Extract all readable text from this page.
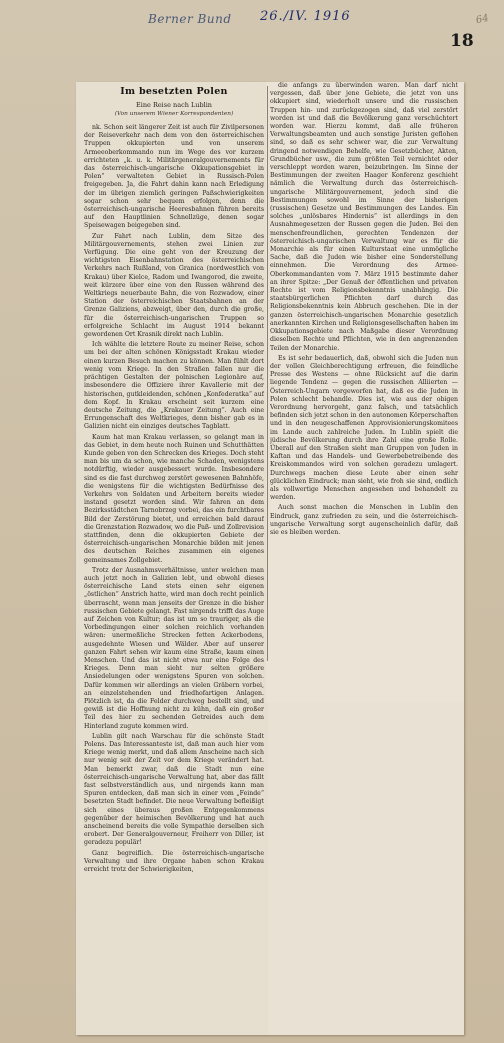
Berner Bund 26./IV. 1916	64
18
Im besetzten Polen
Eine Reise nach Lublin
(Von unserem Wiener Korrespondenten)

nk. Schon seit längerer Zeit ist auch für Zivilpersonen der Reiseverkehr nach dem von den österreichischen Truppen okkupierten und von unserem Armeeoberkommando nun im Wege des vor kurzem errichteten „k. u. k. Militärgeneralgouvernements für das österreichisch-ungarische Okkupationsgebiet in Polen“ verwalteten Gebiet in Russisch-Polen freigegeben. Ja, die Fahrt dahin kann nach Erledigung der im übrigen ziemlich geringen Paßschwierigkeiten sogar schon sehr bequem erfolgen, denn die österreichisch-ungarische Heeresbahnen führen bereits auf den Hauptlinien Schnellzüge, denen sogar Speisewagen beigegeben sind.

Zur Fahrt nach Lublin, dem Sitze des Militärgouvernements, stehen zwei Linien zur Verfügung. Die eine geht von der Kreuzung der wichtigsten Eisenbahnstation des österreichischen Verkehrs nach Rußland, von Granica (nordwestlich von Krakau) über Kielce, Radom und Iwangorod, die zweite, weit kürzere über eine von den Russen während des Weltkriegs neuerbaute Bahn, die von Rozwadow, einer Station der österreichischen Staatsbahnen an der Grenze Galiziens, abzweigt, über den, durch die große, für die österreichisch-ungarischen Truppen so erfolgreiche Schlacht im August 1914 bekannt gewordenen Ort Krasnik direkt nach Lublin.

Ich wählte die letztere Route zu meiner Reise, schon um bei der alten schönen Königsstadt Krakau wieder einen kurzen Besuch machen zu können. Man fühlt dort wenig vom Kriege. In den Straßen fallen nur die prächtigen Gestalten der polnischen Legionäre auf, insbesondere die Offiziere ihrer Kavallerie mit der historischen, gutkleidenden, schönen „Konfederatka“ auf dem Kopf. In Krakau erscheint seit kurzem eine deutsche Zeitung, die „Krakauer Zeitung“. Auch eine Errungenschaft des Weltkrieges, denn bisher gab es in Galizien nicht ein einziges deutsches Tagblatt.

Kaum hat man Krakau verlassen, so gelangt man in das Gebiet, in dem heute noch Ruinen und Schutthätten Kunde geben von den Schrecken des Krieges. Doch steht man bis um da schon, wie manche Schaden, wenigstens notdürftig, wieder ausgebessert wurde. Insbesondere sind es die fast durchweg zerstört gewesenen Bahnhöfe, die wenigstens für die wichtigsten Bedürfnisse des Verkehrs von Soldaten und Arbeitern bereits wieder instand gesetzt worden sind. Wir fahren an dem Bezirksstädtchen Tarnobrzeg vorbei, das ein furchtbares Bild der Zerstörung bietet, und erreichen bald darauf die Grenzstation Rozwadow, wo die Paß- und Zollrevision stattfinden, denn die okkupierten Gebiete der österreichisch-ungarischen Monarchie bilden mit jenen des deutschen Reiches zusammen ein eigenes gemeinsames Zollgebiet.

Trotz der Ausnahmsverhältnisse, unter welchen man auch jetzt noch in Galizien lebt, und obwohl dieses österreichische Land stets einen sehr eigenen „östlichen“ Anstrich hatte, wird man doch recht peinlich überrascht, wenn man jenseits der Grenze in die bisher russischen Gebiete gelangt. Fast nirgends trifft das Auge auf Zeichen von Kultur; das ist um so trauriger, als die Vorbedingungen einer solchen reichlich vorhanden wären: unermeßliche Strecken fetten Ackerbodens, ausgedehnte Wiesen und Wälder. Aber auf unserer ganzen Fahrt sehen wir kaum eine Straße, kaum einen Menschen. Und das ist nicht etwa nur eine Folge des Krieges. Denn man sieht nur selten größere Ansiedelungen oder wenigstens Spuren von solchen. Dafür kommen wir allerdings an vielen Gräbern vorbei, an einzelstehenden und friedhofartigen Anlagen. Plötzlich ist, da die Felder durchweg bestellt sind, und gewiß ist die Hoffnung nicht zu kühn, daß ein großer Teil des hier zu sechenden Getreides auch dem Hinterland zugute kommen wird.

Lublin gilt nach Warschau für die schönste Stadt Polens. Das Interessanteste ist, daß man auch hier vom Kriege wenig merkt, und daß allem Anscheine nach sich nur wenig seit der Zeit vor dem Kriege verändert hat. Man bemerkt zwar, daß die Stadt nun eine österreichisch-ungarische Verwaltung hat, aber das fällt fast selbstverständlich aus, und nirgends kann man Spuren entdecken, daß man sich in einer vom „Feinde“ besetzten Stadt befindet. Die neue Verwaltung befleißigt sich eines überaus großen Entgegenkommens gegenüber der heimischen Bevölkerung und hat auch anscheinend bereits die volle Sympathie derselben sich erobert. Der Generalgouverneur, Freiherr von Diller, ist geradezu populär!

Ganz begreiflich. Die österreichisch-ungarische Verwaltung und ihre Organe haben schon Krakau erreicht trotz der Schwierigkeiten,

die anfangs zu überwinden waren. Man darf nicht vergessen, daß über jene Gebiete, die jetzt von uns okkupiert sind, wiederholt unsere und die russischen Truppen hin- und zurückgezogen sind, daß viel zerstört worden ist und daß die Bevölkerung ganz verschüchtert worden war. Hierzu kommt, daß alle früheren Verwaltungsbeamten und auch sonstige Juristen geflohen sind, so daß es sehr schwer war, die zur Verwaltung dringend notwendigen Behelfe, wie Gesetzbücher, Akten, Grundbücher usw., die zum größten Teil vernichtet oder verschleppt worden waren, beizubringen. Im Sinne der Bestimmungen der zweiten Haager Konferenz geschieht nämlich die Verwaltung durch das österreichisch-ungarische Militärgouvernement, jedoch sind die Bestimmungen sowohl im Sinne der bisherigen (russischen) Gesetze und Bestimmungen des Landes. Ein solches „unlösbares Hindernis“ ist allerdings in den Ausnahmegesetzen der Russen gegen die Juden. Bei den menschenfreundlichen, gerechten Tendenzen der österreichisch-ungarischen Verwaltung war es für die Monarchie als für einen Kulturstaat eine unmögliche Sache, daß die Juden wie bisher eine Sonderstellung einnehmen. Die Verordnung des Armee-Oberkommandanten vom 7. März 1915 bestimmte daher an ihrer Spitze: „Der Genuß der öffentlichen und privaten Rechte ist vom Religionsbekenntnis unabhängig. Die staatsbürgerlichen Pflichten darf durch das Religionsbekenntnis kein Abbruch geschehen. Die in der ganzen österreichisch-ungarischen Monarchie gesetzlich anerkannten Kirchen und Religionsgesellschaften haben im Okkupationsgebiete nach Maßgabe dieser Verordnung dieselben Rechte und Pflichten, wie in den angrenzenden Teilen der Monarchie.

Es ist sehr bedauerlich, daß, obwohl sich die Juden nun der vollen Gleichberechtigung erfreuen, die feindliche Presse des Westens — ohne Rücksicht auf die darin liegende Tendenz — gegen die russischen Alliierten — Österreich-Ungarn vorgeworfen hat, daß es die Juden in Polen schlecht behandle. Dies ist, wie aus der obigen Verordnung hervorgeht, ganz falsch, und tatsächlich befinden sich jetzt schon in den autonomen Körperschaften und in den neugeschaffenen Approvisionierungskomitees im Lande auch zahlreiche Juden. In Lublin spielt die jüdische Bevölkerung durch ihre Zahl eine große Rolle. Überall auf den Straßen sieht man Gruppen von Juden in Kaftan und das Handels- und Gewerbebetreibende des Kreiskommandos wird von solchen geradezu umlagert. Durchwegs machen diese Leute aber einen sehr glücklichen Eindruck; man sieht, wie froh sie sind, endlich als vollwertige Menschen angesehen und behandelt zu werden.

Auch sonst machen die Menschen in Lublin den Eindruck, ganz zufrieden zu sein, und die österreichisch-ungarische Verwaltung sorgt augenscheinlich dafür, daß sie es bleiben werden.
